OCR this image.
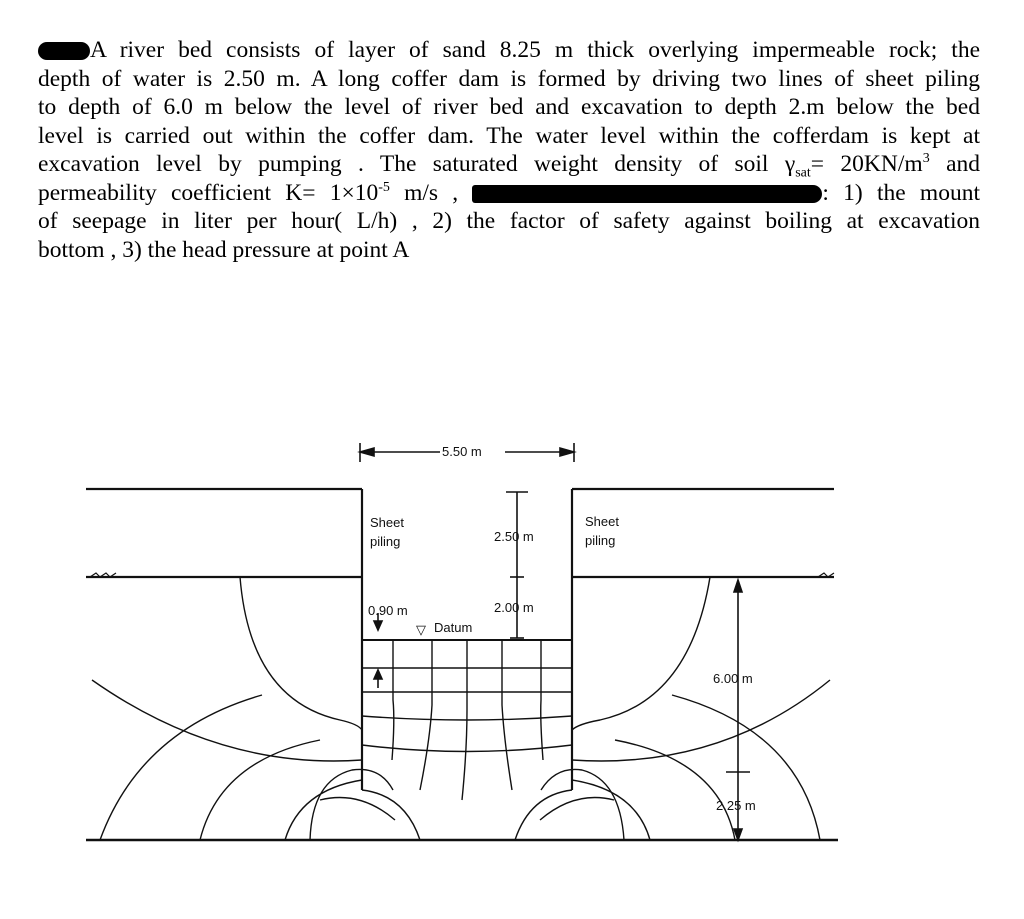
A river bed consists of layer of sand 8.25 m thick overlying impermeable rock; the
depth of water is 2.50 m. A long coffer dam is formed by driving two lines of sheet piling
to depth of 6.0 m below the level of river bed and excavation to depth 2.m below the bed
level is carried out within the coffer dam. The water level within the cofferdam is kept at
excavation level by pumping . The saturated weight density of soil $\gamma_{sat}= 20KN/m^3$ and
permeability coefficient $K= 1\times 10^{-5}$ m/s ,	: 1) the mount
of seepage in liter per hour( L/h) , 2) the factor of safety against boiling at excavation
bottom , 3) the head pressure at point A
5.50 m
Sheet
piling
Sheet
piling
2.50 m
2.00 m
0.90 m
▽ Datum
6.00 m
2.25 m
